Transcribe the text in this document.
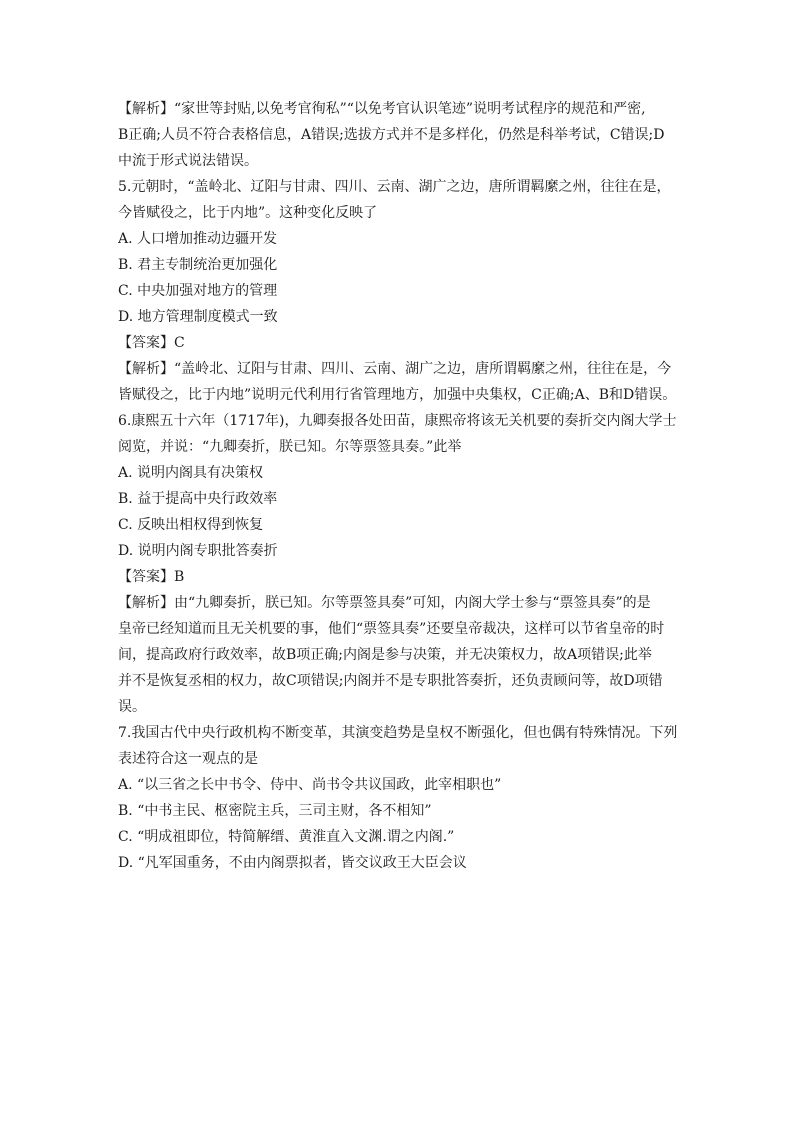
【解析】“家世等封贴,以免考官徇私”“以免考官认识笔迹”说明考试程序的规范和严密,
B正确;人员不符合表格信息，A错误;选拔方式并不是多样化，仍然是科举考试，C错误;D
中流于形式说法错误。
5.元朝时，“盖岭北、辽阳与甘肃、四川、云南、湖广之边，唐所谓羁縻之州，往往在是，
今皆赋役之，比于内地”。这种变化反映了
A. 人口增加推动边疆开发
B. 君主专制统治更加强化
C. 中央加强对地方的管理
D. 地方管理制度模式一致
【答案】C
【解析】“盖岭北、辽阳与甘肃、四川、云南、湖广之边，唐所谓羁縻之州，往往在是，今
皆赋役之，比于内地”说明元代利用行省管理地方，加强中央集权，C正确;A、B和D错误。
6.康熙五十六年（1717年)，九卿奏报各处田苗，康熙帝将该无关机要的奏折交内阁大学士
阅览，并说：“九卿奏折，朕已知。尔等票签具奏。”此举
A. 说明内阁具有决策权
B. 益于提高中央行政效率
C. 反映出相权得到恢复
D. 说明内阁专职批答奏折
【答案】B
【解析】由“九卿奏折，朕已知。尔等票签具奏”可知，内阁大学士参与“票签具奏”的是
皇帝已经知道而且无关机要的事，他们“票签具奏”还要皇帝裁决，这样可以节省皇帝的时
间，提高政府行政效率，故B项正确;内阁是参与决策，并无决策权力，故A项错误;此举
并不是恢复丞相的权力，故C项错误;内阁并不是专职批答奏折，还负责顾问等，故D项错
误。
7.我国古代中央行政机构不断变革，其演变趋势是皇权不断强化，但也偶有特殊情况。下列
表述符合这一观点的是
A. “以三省之长中书令、侍中、尚书令共议国政，此宰相职也”
B. “中书主民、枢密院主兵，三司主财，各不相知”
C. “明成祖即位，特简解缙、黄淮直入文渊.谓之内阁.”
D. “凡军国重务，不由内阁票拟者，皆交议政王大臣会议
